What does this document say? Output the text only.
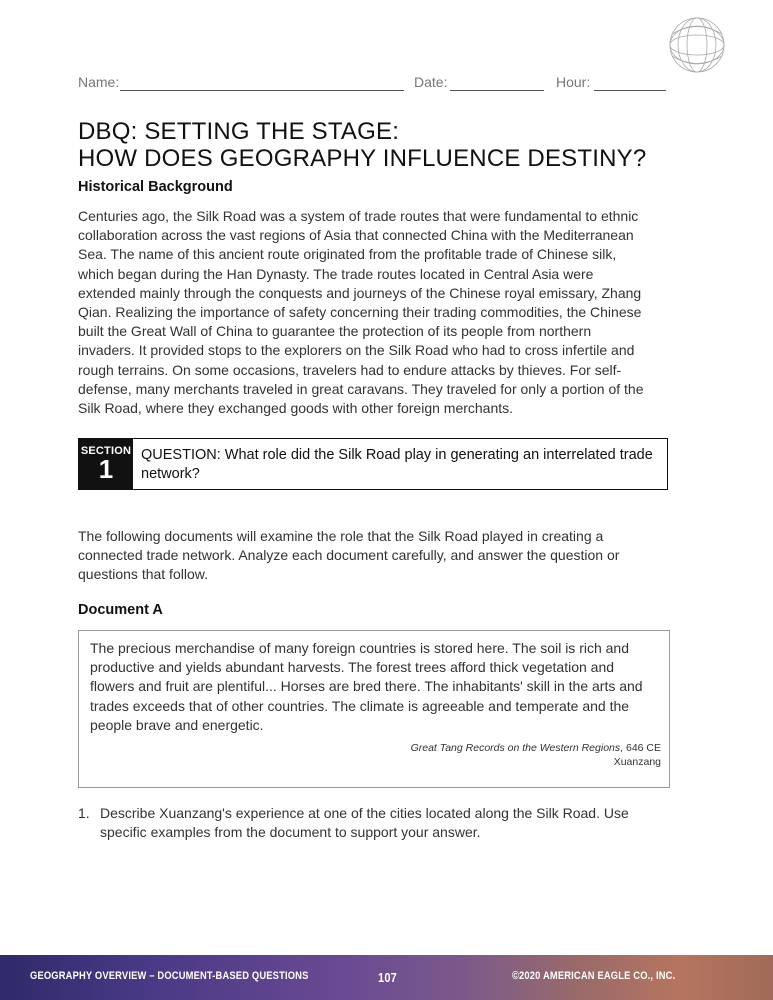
Name:	Date:	Hour:
DBQ: SETTING THE STAGE:
HOW DOES GEOGRAPHY INFLUENCE DESTINY?
Historical Background
Centuries ago, the Silk Road was a system of trade routes that were fundamental to ethnic
collaboration across the vast regions of Asia that connected China with the Mediterranean
Sea. The name of this ancient route originated from the profitable trade of Chinese silk,
which began during the Han Dynasty. The trade routes located in Central Asia were
extended mainly through the conquests and journeys of the Chinese royal emissary, Zhang
Qian. Realizing the importance of safety concerning their trading commodities, the Chinese
built the Great Wall of China to guarantee the protection of its people from northern
invaders. It provided stops to the explorers on the Silk Road who had to cross infertile and
rough terrains. On some occasions, travelers had to endure attacks by thieves. For self-
defense, many merchants traveled in great caravans. They traveled for only a portion of the
Silk Road, where they exchanged goods with other foreign merchants.
SECTION
1	QUESTION: What role did the Silk Road play in generating an interrelated trade
network?
The following documents will examine the role that the Silk Road played in creating a
connected trade network. Analyze each document carefully, and answer the question or
questions that follow.
Document A
The precious merchandise of many foreign countries is stored here. The soil is rich and
productive and yields abundant harvests. The forest trees afford thick vegetation and
flowers and fruit are plentiful... Horses are bred there. The inhabitants' skill in the arts and
trades exceeds that of other countries. The climate is agreeable and temperate and the
people brave and energetic.
Great Tang Records on the Western Regions, 646 CE
Xuanzang
1. Describe Xuanzang's experience at one of the cities located along the Silk Road. Use
specific examples from the document to support your answer.
GEOGRAPHY OVERVIEW – DOCUMENT-BASED QUESTIONS	107	©2020 AMERICAN EAGLE CO., INC.
